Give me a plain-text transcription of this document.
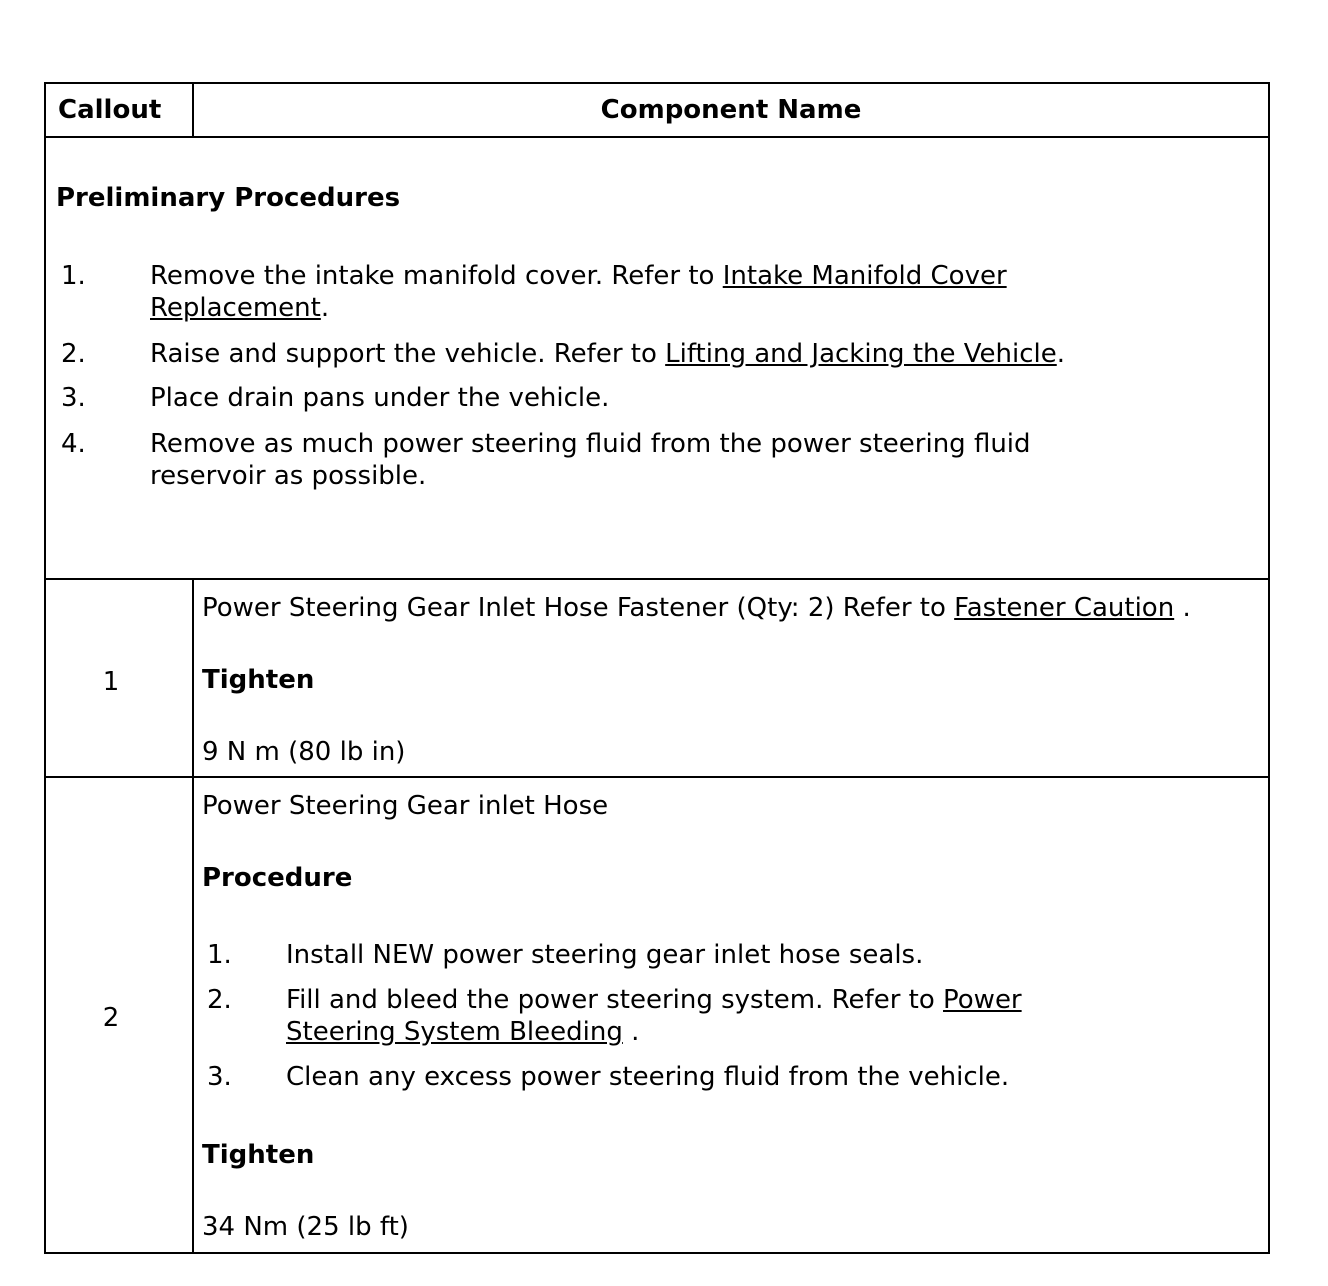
Callout	Component Name
Preliminary Procedures
1. Remove the intake manifold cover. Refer to Intake Manifold Cover
Replacement.
2. Raise and support the vehicle. Refer to Lifting and Jacking the Vehicle.
3. Place drain pans under the vehicle.
4. Remove as much power steering fluid from the power steering fluid
reservoir as possible.
1
Power Steering Gear Inlet Hose Fastener (Qty: 2) Refer to Fastener Caution .
Tighten
9 N m (80 lb in)
2
Power Steering Gear inlet Hose
Procedure
1. Install NEW power steering gear inlet hose seals.
2. Fill and bleed the power steering system. Refer to Power
Steering System Bleeding .
3. Clean any excess power steering fluid from the vehicle.
Tighten
34 Nm (25 lb ft)
